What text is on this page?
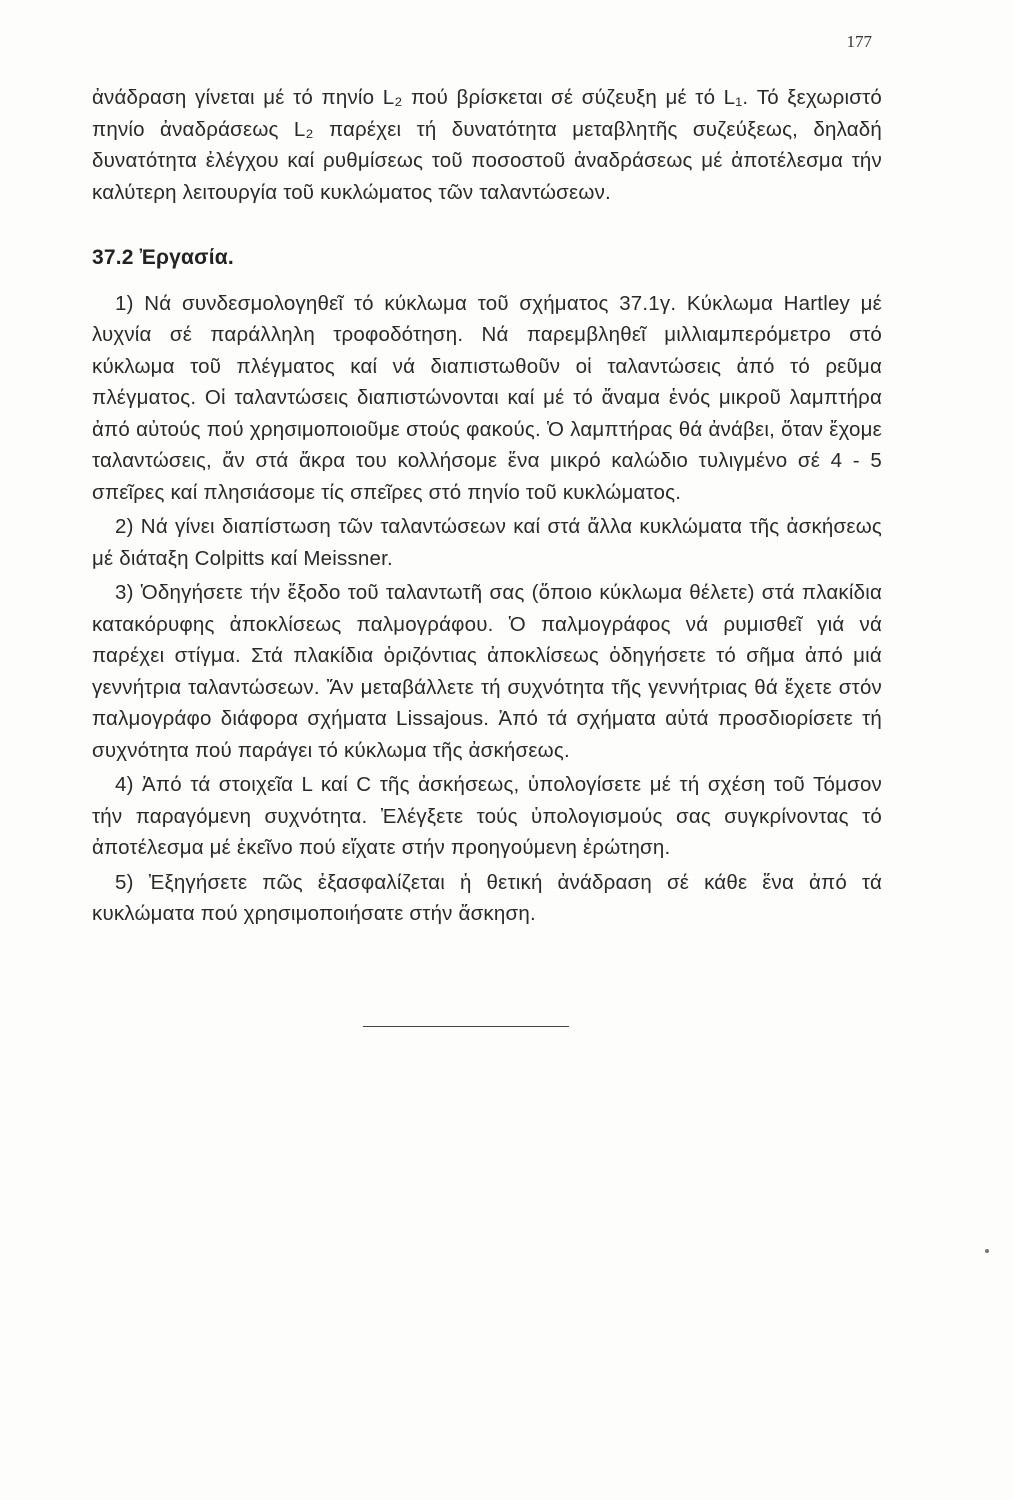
177

ἀνάδραση γίνεται μέ τό πηνίο L₂ πού βρίσκεται σέ σύζευξη μέ τό L₁. Τό ξεχωριστό πηνίο ἀναδράσεως L₂ παρέχει τή δυνατότητα μεταβλητῆς συζεύξεως, δηλαδή δυνατότητα ἐλέγχου καί ρυθμίσεως τοῦ ποσοστοῦ ἀναδράσεως μέ ἀποτέλεσμα τήν καλύτερη λειτουργία τοῦ κυκλώματος τῶν ταλαντώσεων.

37.2 Ἐργασία.

1) Νά συνδεσμολογηθεῖ τό κύκλωμα τοῦ σχήματος 37.1γ. Κύκλωμα Hartley μέ λυχνία σέ παράλληλη τροφοδότηση. Νά παρεμβληθεῖ μιλλιαμπερόμετρο στό κύκλωμα τοῦ πλέγματος καί νά διαπιστωθοῦν οἱ ταλαντώσεις ἀπό τό ρεῦμα πλέγματος. Οἱ ταλαντώσεις διαπιστώνονται καί μέ τό ἄναμα ἑνός μικροῦ λαμπτήρα ἀπό αὐτούς πού χρησιμοποιοῦμε στούς φακούς. Ὁ λαμπτήρας θά ἀνάβει, ὅταν ἔχομε ταλαντώσεις, ἄν στά ἄκρα του κολλήσομε ἕνα μικρό καλώδιο τυλιγμένο σέ 4 - 5 σπεῖρες καί πλησιάσομε τίς σπεῖρες στό πηνίο τοῦ κυκλώματος.

2) Νά γίνει διαπίστωση τῶν ταλαντώσεων καί στά ἄλλα κυκλώματα τῆς ἀσκήσεως μέ διάταξη Colpitts καί Meissner.

3) Ὁδηγήσετε τήν ἔξοδο τοῦ ταλαντωτῆ σας (ὅποιο κύκλωμα θέλετε) στά πλακίδια κατακόρυφης ἀποκλίσεως παλμογράφου. Ὁ παλμογράφος νά ρυμισθεῖ γιά νά παρέχει στίγμα. Στά πλακίδια ὁριζόντιας ἀποκλίσεως ὁδηγήσετε τό σῆμα ἀπό μιά γεννήτρια ταλαντώσεων. Ἄν μεταβάλλετε τή συχνότητα τῆς γεννήτριας θά ἔχετε στόν παλμογράφο διάφορα σχήματα Lissajous. Ἀπό τά σχήματα αὐτά προσδιορίσετε τή συχνότητα πού παράγει τό κύκλωμα τῆς ἀσκήσεως.

4) Ἀπό τά στοιχεῖα L καί C τῆς ἀσκήσεως, ὑπολογίσετε μέ τή σχέση τοῦ Τόμσον τήν παραγόμενη συχνότητα. Ἐλέγξετε τούς ὑπολογισμούς σας συγκρίνοντας τό ἀποτέλεσμα μέ ἐκεῖνο πού εἴχατε στήν προηγούμενη ἐρώτηση.

5) Ἐξηγήσετε πῶς ἐξασφαλίζεται ἡ θετική ἀνάδραση σέ κάθε ἕνα ἀπό τά κυκλώματα πού χρησιμοποιήσατε στήν ἄσκηση.
